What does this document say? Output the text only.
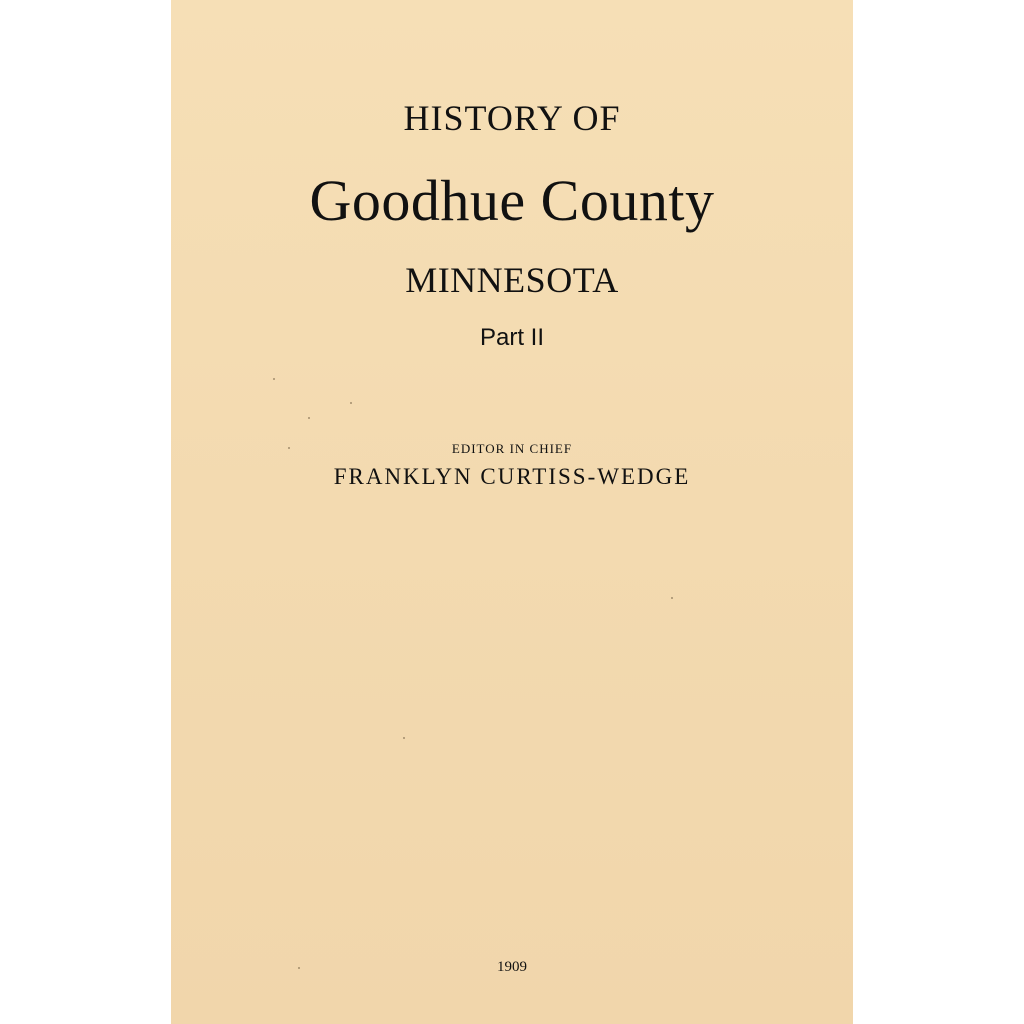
HISTORY OF
Goodhue County
MINNESOTA
Part II
EDITOR IN CHIEF
FRANKLYN CURTISS-WEDGE
1909
